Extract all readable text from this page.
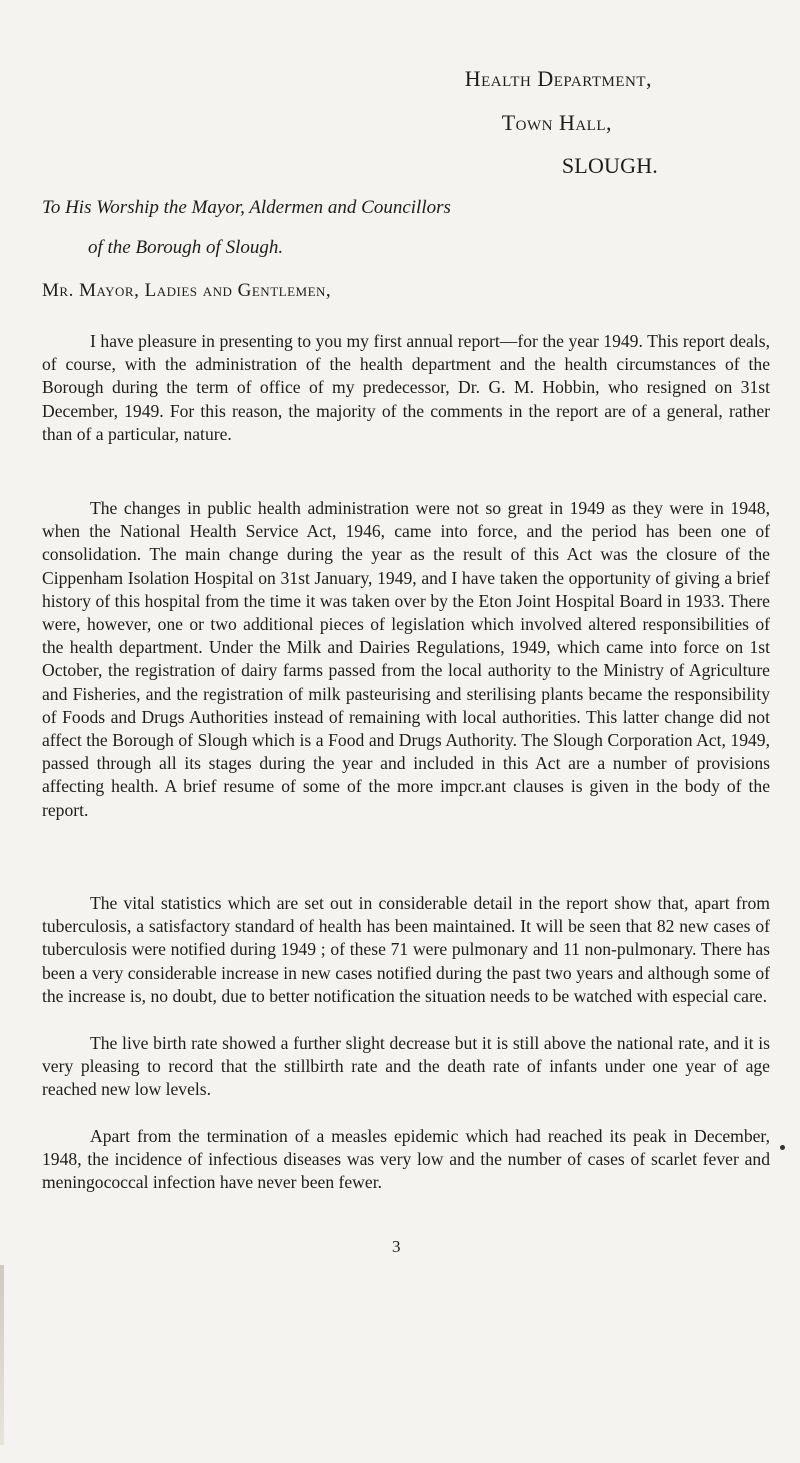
Health Department,
Town Hall,
SLOUGH.
To His Worship the Mayor, Aldermen and Councillors
of the Borough of Slough.
Mr. Mayor, Ladies and Gentlemen,

I have pleasure in presenting to you my first annual report—for the year 1949. This report deals, of course, with the administration of the health department and the health circumstances of the Borough during the term of office of my predecessor, Dr. G. M. Hobbin, who resigned on 31st December, 1949. For this reason, the majority of the comments in the report are of a general, rather than of a particular, nature.

The changes in public health administration were not so great in 1949 as they were in 1948, when the National Health Service Act, 1946, came into force, and the period has been one of consolidation. The main change during the year as the result of this Act was the closure of the Cippenham Isolation Hospital on 31st January, 1949, and I have taken the opportunity of giving a brief history of this hospital from the time it was taken over by the Eton Joint Hospital Board in 1933. There were, however, one or two additional pieces of legislation which involved altered responsibilities of the health department. Under the Milk and Dairies Regulations, 1949, which came into force on 1st October, the registration of dairy farms passed from the local authority to the Ministry of Agriculture and Fisheries, and the registration of milk pasteurising and sterilising plants became the responsibility of Foods and Drugs Authorities instead of remaining with local authorities. This latter change did not affect the Borough of Slough which is a Food and Drugs Authority. The Slough Corporation Act, 1949, passed through all its stages during the year and included in this Act are a number of provisions affecting health. A brief resume of some of the more impcr.ant clauses is given in the body of the report.

The vital statistics which are set out in considerable detail in the report show that, apart from tuberculosis, a satisfactory standard of health has been maintained. It will be seen that 82 new cases of tuberculosis were notified during 1949 ; of these 71 were pulmonary and 11 non-pulmonary. There has been a very considerable increase in new cases notified during the past two years and although some of the increase is, no doubt, due to better notification the situation needs to be watched with especial care.

The live birth rate showed a further slight decrease but it is still above the national rate, and it is very pleasing to record that the stillbirth rate and the death rate of infants under one year of age reached new low levels.

Apart from the termination of a measles epidemic which had reached its peak in December, 1948, the incidence of infectious diseases was very low and the number of cases of scarlet fever and meningococcal infection have never been fewer.

3
